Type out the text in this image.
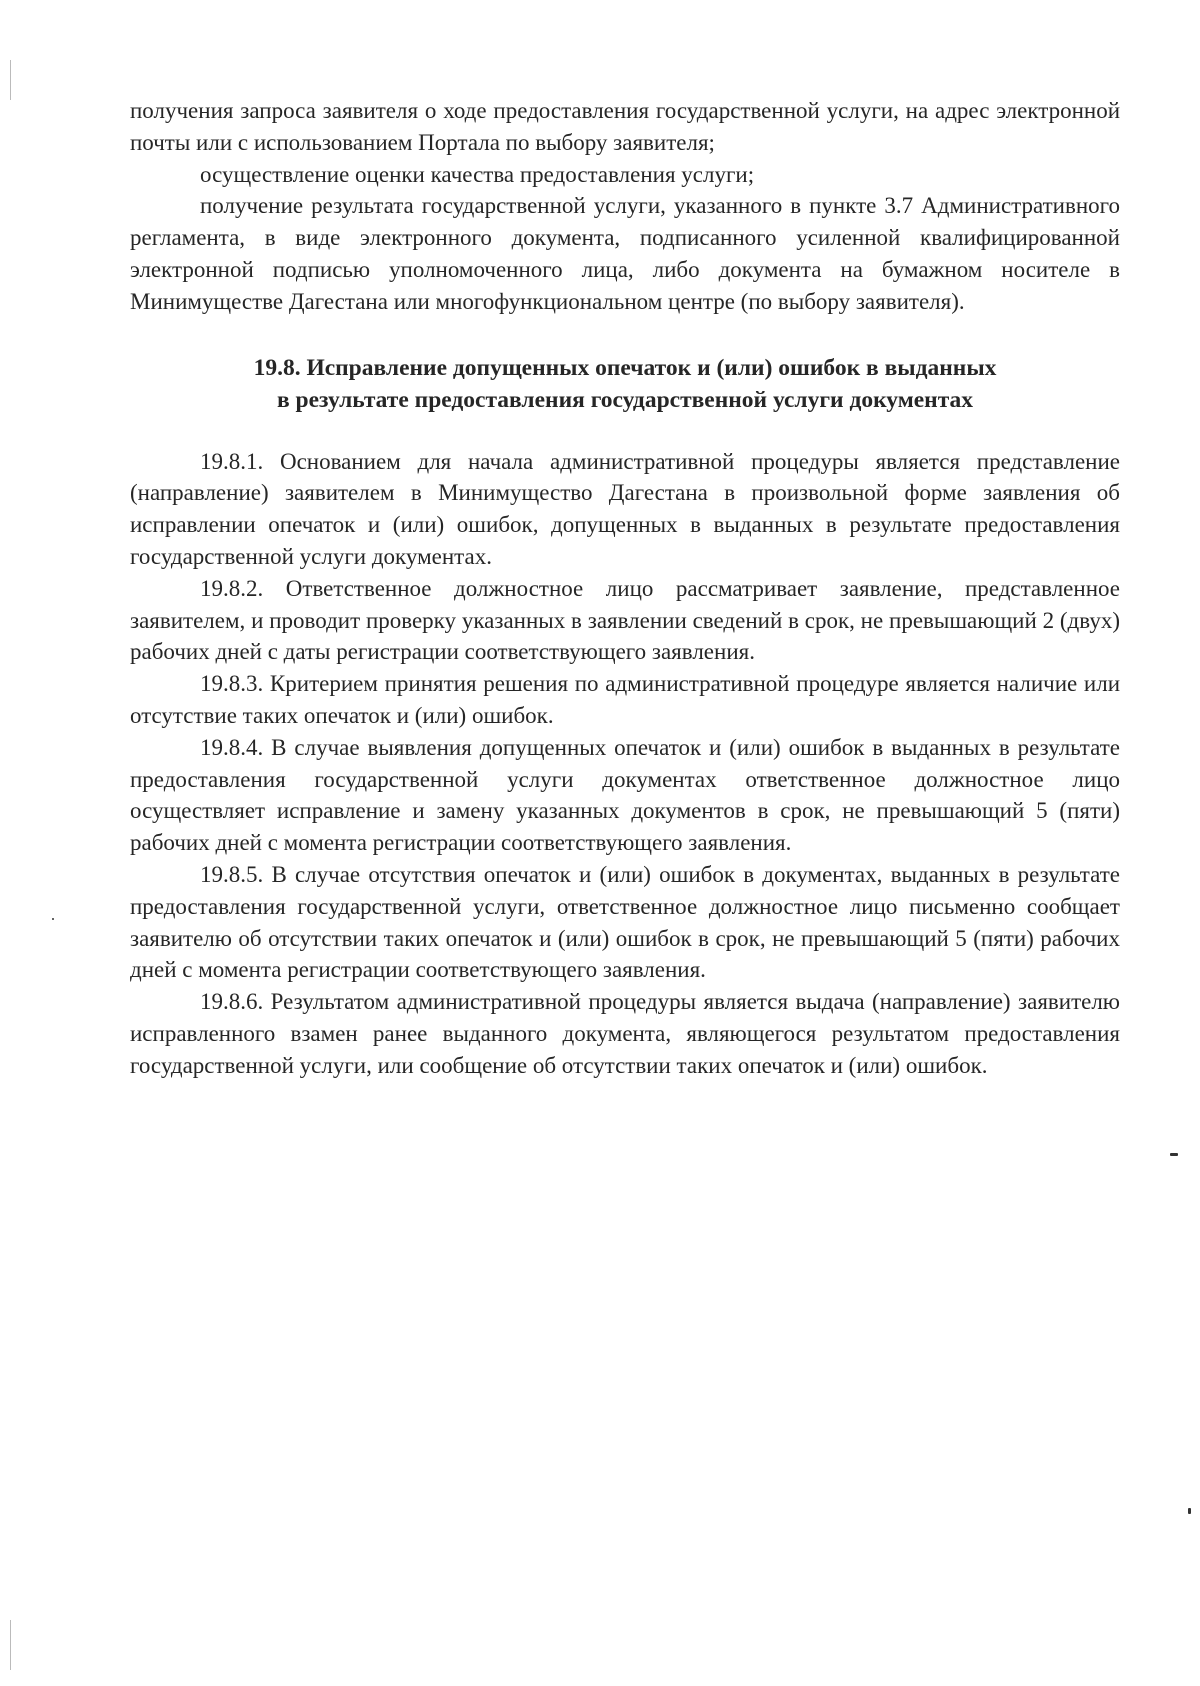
получения запроса заявителя о ходе предоставления государственной услуги, на адрес электронной почты или с использованием Портала по выбору заявителя;

осуществление оценки качества предоставления услуги;

получение результата государственной услуги, указанного в пункте 3.7 Административного регламента, в виде электронного документа, подписанного усиленной квалифицированной электронной подписью уполномоченного лица, либо документа на бумажном носителе в Минимуществе Дагестана или многофункциональном центре (по выбору заявителя).

19.8. Исправление допущенных опечаток и (или) ошибок в выданных
в результате предоставления государственной услуги документах

19.8.1. Основанием для начала административной процедуры является представление (направление) заявителем в Минимущество Дагестана в произвольной форме заявления об исправлении опечаток и (или) ошибок, допущенных в выданных в результате предоставления государственной услуги документах.

19.8.2. Ответственное должностное лицо рассматривает заявление, представленное заявителем, и проводит проверку указанных в заявлении сведений в срок, не превышающий 2 (двух) рабочих дней с даты регистрации соответствующего заявления.

19.8.3. Критерием принятия решения по административной процедуре является наличие или отсутствие таких опечаток и (или) ошибок.

19.8.4. В случае выявления допущенных опечаток и (или) ошибок в выданных в результате предоставления государственной услуги документах ответственное должностное лицо осуществляет исправление и замену указанных документов в срок, не превышающий 5 (пяти) рабочих дней с момента регистрации соответствующего заявления.

19.8.5. В случае отсутствия опечаток и (или) ошибок в документах, выданных в результате предоставления государственной услуги, ответственное должностное лицо письменно сообщает заявителю об отсутствии таких опечаток и (или) ошибок в срок, не превышающий 5 (пяти) рабочих дней с момента регистрации соответствующего заявления.

19.8.6. Результатом административной процедуры является выдача (направление) заявителю исправленного взамен ранее выданного документа, являющегося результатом предоставления государственной услуги, или сообщение об отсутствии таких опечаток и (или) ошибок.
